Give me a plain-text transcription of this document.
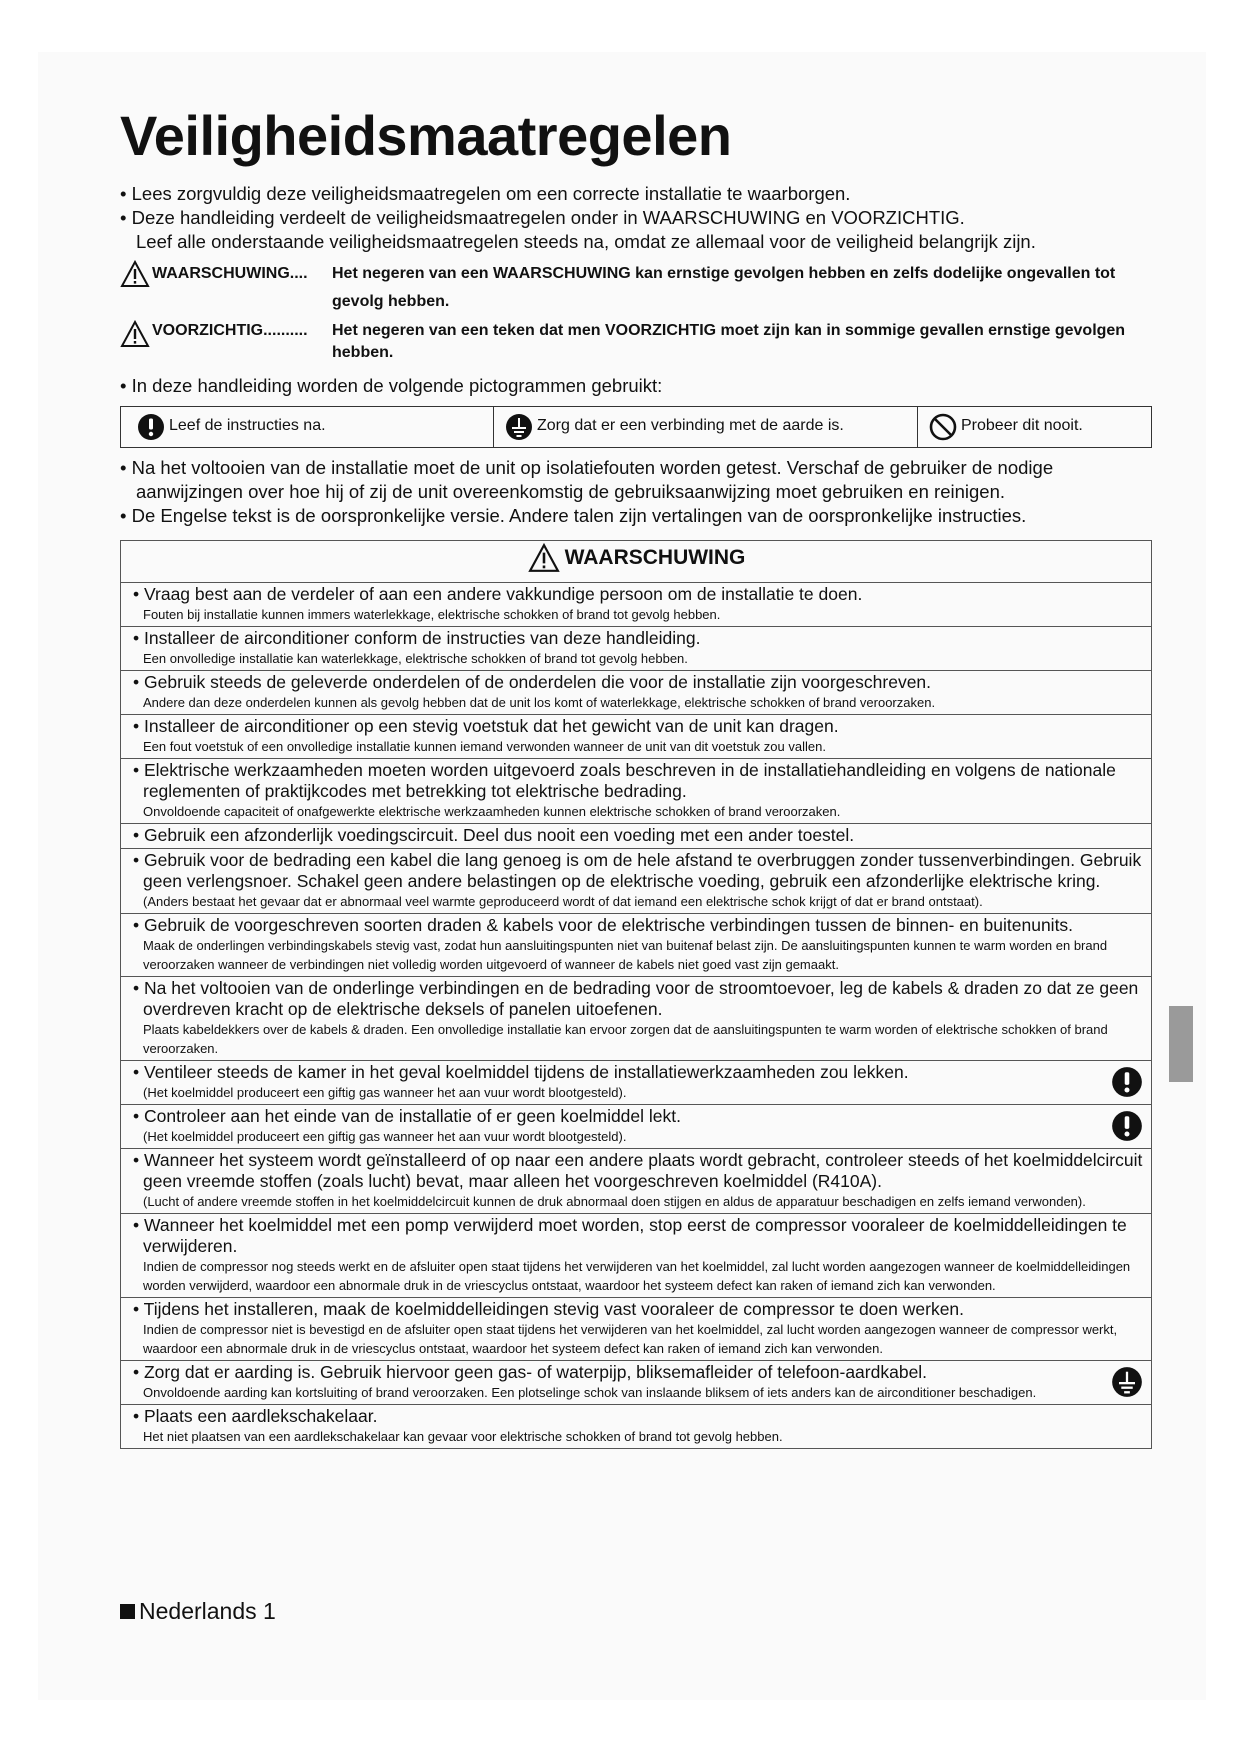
Veiligheidsmaatregelen
• Lees zorgvuldig deze veiligheidsmaatregelen om een correcte installatie te waarborgen.
• Deze handleiding verdeelt de veiligheidsmaatregelen onder in WAARSCHUWING en VOORZICHTIG.
Leef alle onderstaande veiligheidsmaatregelen steeds na, omdat ze allemaal voor de veiligheid belangrijk zijn.
WAARSCHUWING.... Het negeren van een WAARSCHUWING kan ernstige gevolgen hebben en zelfs dodelijke ongevallen tot gevolg hebben.
VOORZICHTIG.......... Het negeren van een teken dat men VOORZICHTIG moet zijn kan in sommige gevallen ernstige gevolgen hebben.
• In deze handleiding worden de volgende pictogrammen gebruikt:
Leef de instructies na.	Zorg dat er een verbinding met de aarde is.	Probeer dit nooit.
• Na het voltooien van de installatie moet de unit op isolatiefouten worden getest. Verschaf de gebruiker de nodige aanwijzingen over hoe hij of zij de unit overeenkomstig de gebruiksaanwijzing moet gebruiken en reinigen.
• De Engelse tekst is de oorspronkelijke versie. Andere talen zijn vertalingen van de oorspronkelijke instructies.
WAARSCHUWING

• Vraag best aan de verdeler of aan een andere vakkundige persoon om de installatie te doen.
Fouten bij installatie kunnen immers waterlekkage, elektrische schokken of brand tot gevolg hebben.

• Installeer de airconditioner conform de instructies van deze handleiding.
Een onvolledige installatie kan waterlekkage, elektrische schokken of brand tot gevolg hebben.

• Gebruik steeds de geleverde onderdelen of de onderdelen die voor de installatie zijn voorgeschreven.
Andere dan deze onderdelen kunnen als gevolg hebben dat de unit los komt of waterlekkage, elektrische schokken of brand veroorzaken.

• Installeer de airconditioner op een stevig voetstuk dat het gewicht van de unit kan dragen.
Een fout voetstuk of een onvolledige installatie kunnen iemand verwonden wanneer de unit van dit voetstuk zou vallen.

• Elektrische werkzaamheden moeten worden uitgevoerd zoals beschreven in de installatiehandleiding en volgens de nationale reglementen of praktijkcodes met betrekking tot elektrische bedrading.
Onvoldoende capaciteit of onafgewerkte elektrische werkzaamheden kunnen elektrische schokken of brand veroorzaken.

• Gebruik een afzonderlijk voedingscircuit. Deel dus nooit een voeding met een ander toestel.

• Gebruik voor de bedrading een kabel die lang genoeg is om de hele afstand te overbruggen zonder tussenverbindingen. Gebruik geen verlengsnoer. Schakel geen andere belastingen op de elektrische voeding, gebruik een afzonderlijke elektrische kring.
(Anders bestaat het gevaar dat er abnormaal veel warmte geproduceerd wordt of dat iemand een elektrische schok krijgt of dat er brand ontstaat).

• Gebruik de voorgeschreven soorten draden & kabels voor de elektrische verbindingen tussen de binnen- en buitenunits.
Maak de onderlingen verbindingskabels stevig vast, zodat hun aansluitingspunten niet van buitenaf belast zijn. De aansluitingspunten kunnen te warm worden en brand veroorzaken wanneer de verbindingen niet volledig worden uitgevoerd of wanneer de kabels niet goed vast zijn gemaakt.

• Na het voltooien van de onderlinge verbindingen en de bedrading voor de stroomtoevoer, leg de kabels & draden zo dat ze geen overdreven kracht op de elektrische deksels of panelen uitoefenen.
Plaats kabeldekkers over de kabels & draden. Een onvolledige installatie kan ervoor zorgen dat de aansluitingspunten te warm worden of elektrische schokken of brand veroorzaken.

• Ventileer steeds de kamer in het geval koelmiddel tijdens de installatiewerkzaamheden zou lekken.
(Het koelmiddel produceert een giftig gas wanneer het aan vuur wordt blootgesteld).

• Controleer aan het einde van de installatie of er geen koelmiddel lekt.
(Het koelmiddel produceert een giftig gas wanneer het aan vuur wordt blootgesteld).

• Wanneer het systeem wordt geïnstalleerd of op naar een andere plaats wordt gebracht, controleer steeds of het koelmiddelcircuit geen vreemde stoffen (zoals lucht) bevat, maar alleen het voorgeschreven koelmiddel (R410A).
(Lucht of andere vreemde stoffen in het koelmiddelcircuit kunnen de druk abnormaal doen stijgen en aldus de apparatuur beschadigen en zelfs iemand verwonden).

• Wanneer het koelmiddel met een pomp verwijderd moet worden, stop eerst de compressor vooraleer de koelmiddelleidingen te verwijderen.
Indien de compressor nog steeds werkt en de afsluiter open staat tijdens het verwijderen van het koelmiddel, zal lucht worden aangezogen wanneer de koelmiddelleidingen worden verwijderd, waardoor een abnormale druk in de vriescyclus ontstaat, waardoor het systeem defect kan raken of iemand zich kan verwonden.

• Tijdens het installeren, maak de koelmiddelleidingen stevig vast vooraleer de compressor te doen werken.
Indien de compressor niet is bevestigd en de afsluiter open staat tijdens het verwijderen van het koelmiddel, zal lucht worden aangezogen wanneer de compressor werkt, waardoor een abnormale druk in de vriescyclus ontstaat, waardoor het systeem defect kan raken of iemand zich kan verwonden.

• Zorg dat er aarding is. Gebruik hiervoor geen gas- of waterpijp, bliksemafleider of telefoon-aardkabel.
Onvoldoende aarding kan kortsluiting of brand veroorzaken. Een plotselinge schok van inslaande bliksem of iets anders kan de airconditioner beschadigen.

• Plaats een aardlekschakelaar.
Het niet plaatsen van een aardlekschakelaar kan gevaar voor elektrische schokken of brand tot gevolg hebben.
Nederlands 1
